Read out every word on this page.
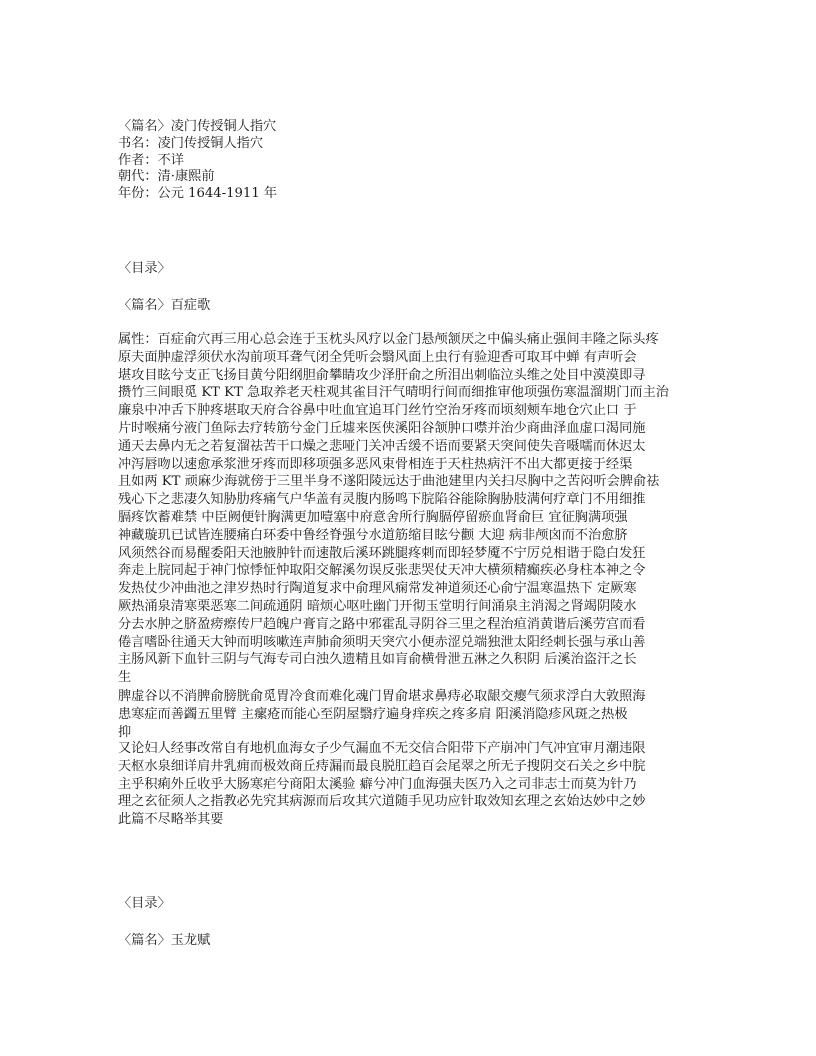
〈篇名〉凌门传授铜人指穴
书名：凌门传授铜人指穴
作者：不详
朝代：清·康熙前
年份：公元 1644-1911 年
〈目录〉
〈篇名〉百症歌
属性：百症俞穴再三用心总会连于玉枕头风疗以金门悬颅颔厌之中偏头痛止强间丰隆之际头疼
原夫面肿虚浮须伏水沟前项耳聋气闭全凭听会翳风面上虫行有验迎香可取耳中蝉 有声听会
堪攻目眩兮支正飞扬目黄兮阳纲胆俞攀睛攻少泽肝俞之所泪出刺临泣头维之处目中漠漠即寻
攒竹三间眼觅 KT KT 急取养老天柱观其雀目汗气晴明行间而细推审他项强伤寒温溜期门而主治
廉泉中冲舌下肿疼堪取天府合谷鼻中吐血宜追耳门丝竹空治牙疼而顷刻颊车地仓穴止口 于
片时喉痛兮液门鱼际去疗转筋兮金门丘墟来医侠溪阳谷颔肿口噤并治少商曲泽血虚口渴同施
通天去鼻内无之若复溜祛苦干口燥之悲哑门关冲舌缓不语而要紧天突间使失音嗫嚅而休迟太
冲泻唇吻以速愈承浆泄牙疼而即移项强多恶风束骨相连于天柱热病汗不出大都更接于经渠
且如两 KT 顽麻少海就傍于三里半身不遂阳陵远达于曲池建里内关扫尽胸中之苦闷听会脾俞祛
残心下之悲凄久知胁肋疼痛气户华盖有灵腹内肠鸣下脘陷谷能除胸胁肢满何疗章门不用细推
膈疼饮蓄难禁 中臣阙便针胸满更加噎塞中府意舍所行胸膈停留瘀血肾俞巨 宜征胸满项强
神藏璇玑已试皆连腰痛白环委中鲁经脊强兮水道筋缩目眩兮颧 大迎 病非颅囟而不治愈脐
风须然谷而易醒委阳天池腋肿针而速散后溪环跳腿疼刺而即轻梦魇不宁厉兑相谐于隐白发狂
奔走上脘同起于神门惊悸怔忡取阳交解溪勿误反张悲哭仗天冲大横须精癫疾必身柱本神之令
发热仗少冲曲池之津岁热时行陶道复求中俞理风痫常发神道须还心俞宁温寒温热下 定厥寒
厥热涌泉清寒栗恶寒二间疏通阴 暗烦心呕吐幽门开彻玉堂明行间涌泉主消渴之肾竭阴陵水
分去水肿之脐盈痨瘵传尸趋魄户膏肓之路中邪霍乱寻阴谷三里之程治疸消黄谐后溪劳宫而看
倦言嗜卧往通天大钟而明咳嗽连声肺俞须明天突穴小便赤涩兑端独泄太阳经刺长强与承山善
主肠风新下血针三阴与气海专司白浊久遗精且如肓俞横骨泄五淋之久积阴 后溪治盗汗之长
生
脾虚谷以不消脾俞膀胱俞觅胃冷食而难化魂门胃俞堪求鼻痔必取龈交瘿气须求浮白大敦照海
患寒症而善蠲五里臂 主瘰疮而能心至阴屋翳疗遍身痒疾之疼多肩 阳溪消隐疹风斑之热极
抑
又论妇人经事改常自有地机血海女子少气漏血不无交信合阳带下产崩冲门气冲宜审月潮违限
天枢水泉细详肩井乳痈而极效商丘痔漏而最良脱肛趋百会尾翠之所无子搜阴交石关之乡中脘
主乎积痢外丘收乎大肠寒疟兮商阳太溪验 癖兮冲门血海强夫医乃入之司非志士而莫为针乃
理之玄征须人之指教必先究其病源而后攻其穴道随手见功应针取效知玄理之玄始达妙中之妙
此篇不尽略举其要
〈目录〉
〈篇名〉玉龙赋
